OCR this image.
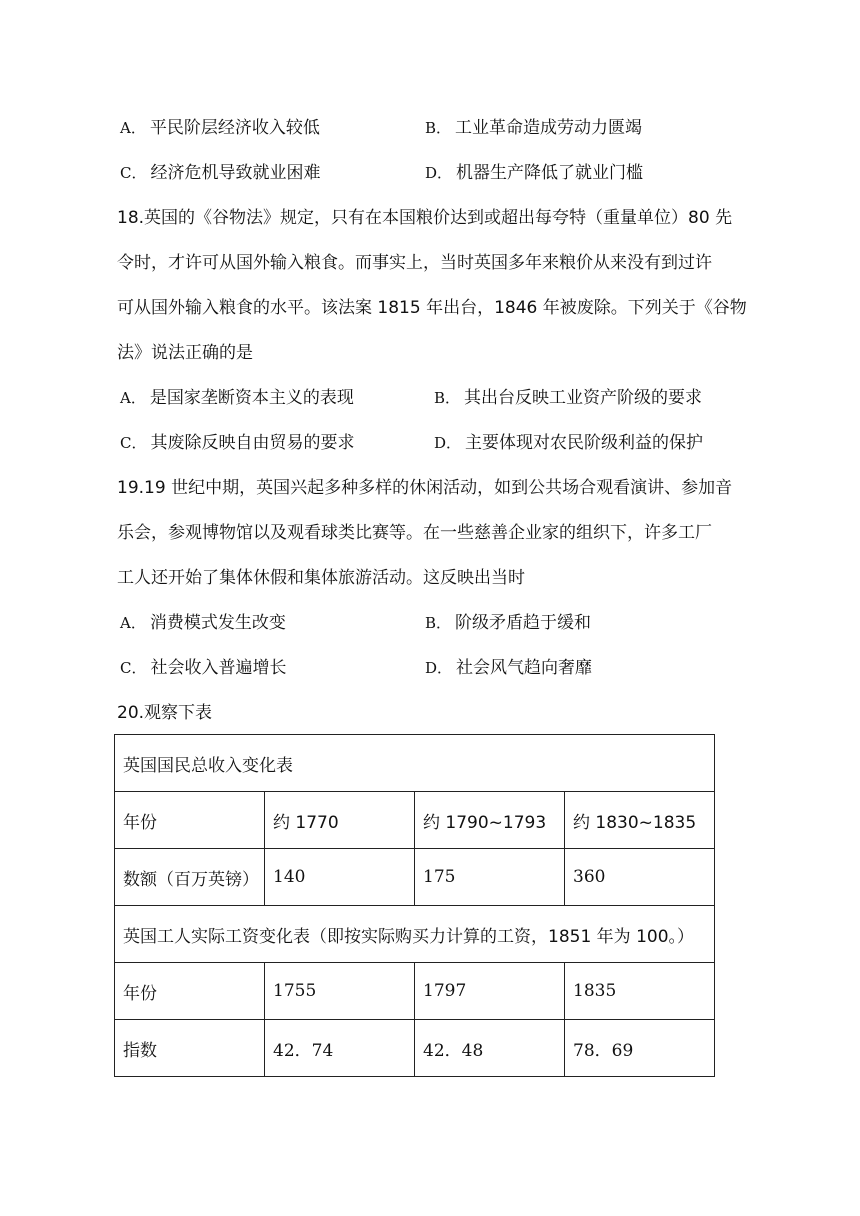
A． 平民阶层经济收入较低	B． 工业革命造成劳动力匮竭
C． 经济危机导致就业困难	D． 机器生产降低了就业门槛
18.英国的《谷物法》规定，只有在本国粮价达到或超出每夸特（重量单位）80 先
令时，才许可从国外输入粮食。而事实上，当时英国多年来粮价从来没有到过许
可从国外输入粮食的水平。该法案 1815 年出台，1846 年被废除。下列关于《谷物
法》说法正确的是
A． 是国家垄断资本主义的表现	B． 其出台反映工业资产阶级的要求
C． 其废除反映自由贸易的要求	D． 主要体现对农民阶级利益的保护
19.19 世纪中期，英国兴起多种多样的休闲活动，如到公共场合观看演讲、参加音
乐会，参观博物馆以及观看球类比赛等。在一些慈善企业家的组织下，许多工厂
工人还开始了集体休假和集体旅游活动。这反映出当时
A． 消费模式发生改变	B． 阶级矛盾趋于缓和
C． 社会收入普遍增长	D． 社会风气趋向奢靡
20.观察下表
英国国民总收入变化表			
年份	约 1770	约 1790~1793	约 1830~1835
数额（百万英镑）	140	175	360
英国工人实际工资变化表（即按实际购买力计算的工资，1851 年为 100。）			
年份	1755	1797	1835
指数	42．74	42．48	78．69
